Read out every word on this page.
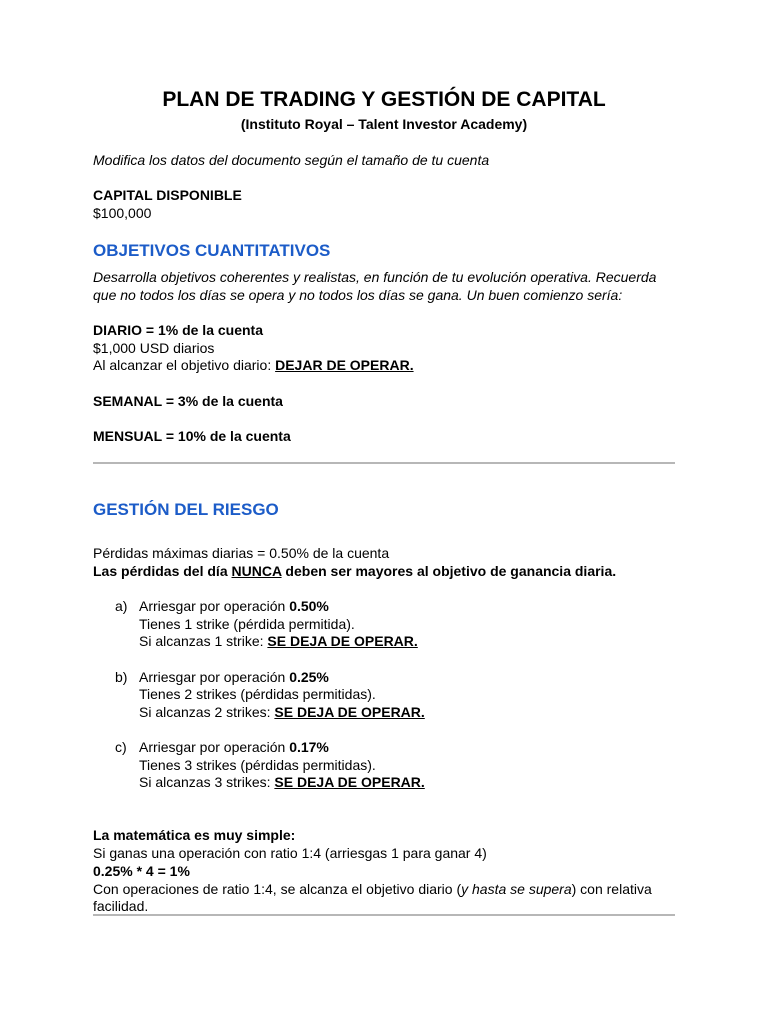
PLAN DE TRADING Y GESTIÓN DE CAPITAL
(Instituto Royal – Talent Investor Academy)
Modifica los datos del documento según el tamaño de tu cuenta
CAPITAL DISPONIBLE
$100,000
OBJETIVOS CUANTITATIVOS
Desarrolla objetivos coherentes y realistas, en función de tu evolución operativa. Recuerda
que no todos los días se opera y no todos los días se gana. Un buen comienzo sería:
DIARIO = 1% de la cuenta
$1,000 USD diarios
Al alcanzar el objetivo diario: DEJAR DE OPERAR.
SEMANAL = 3% de la cuenta
MENSUAL = 10% de la cuenta
GESTIÓN DEL RIESGO
Pérdidas máximas diarias = 0.50% de la cuenta
Las pérdidas del día NUNCA deben ser mayores al objetivo de ganancia diaria.
a) Arriesgar por operación 0.50%
Tienes 1 strike (pérdida permitida).
Si alcanzas 1 strike: SE DEJA DE OPERAR.
b) Arriesgar por operación 0.25%
Tienes 2 strikes (pérdidas permitidas).
Si alcanzas 2 strikes: SE DEJA DE OPERAR.
c) Arriesgar por operación 0.17%
Tienes 3 strikes (pérdidas permitidas).
Si alcanzas 3 strikes: SE DEJA DE OPERAR.
La matemática es muy simple:
Si ganas una operación con ratio 1:4 (arriesgas 1 para ganar 4)
0.25% * 4 = 1%
Con operaciones de ratio 1:4, se alcanza el objetivo diario (y hasta se supera) con relativa
facilidad.
